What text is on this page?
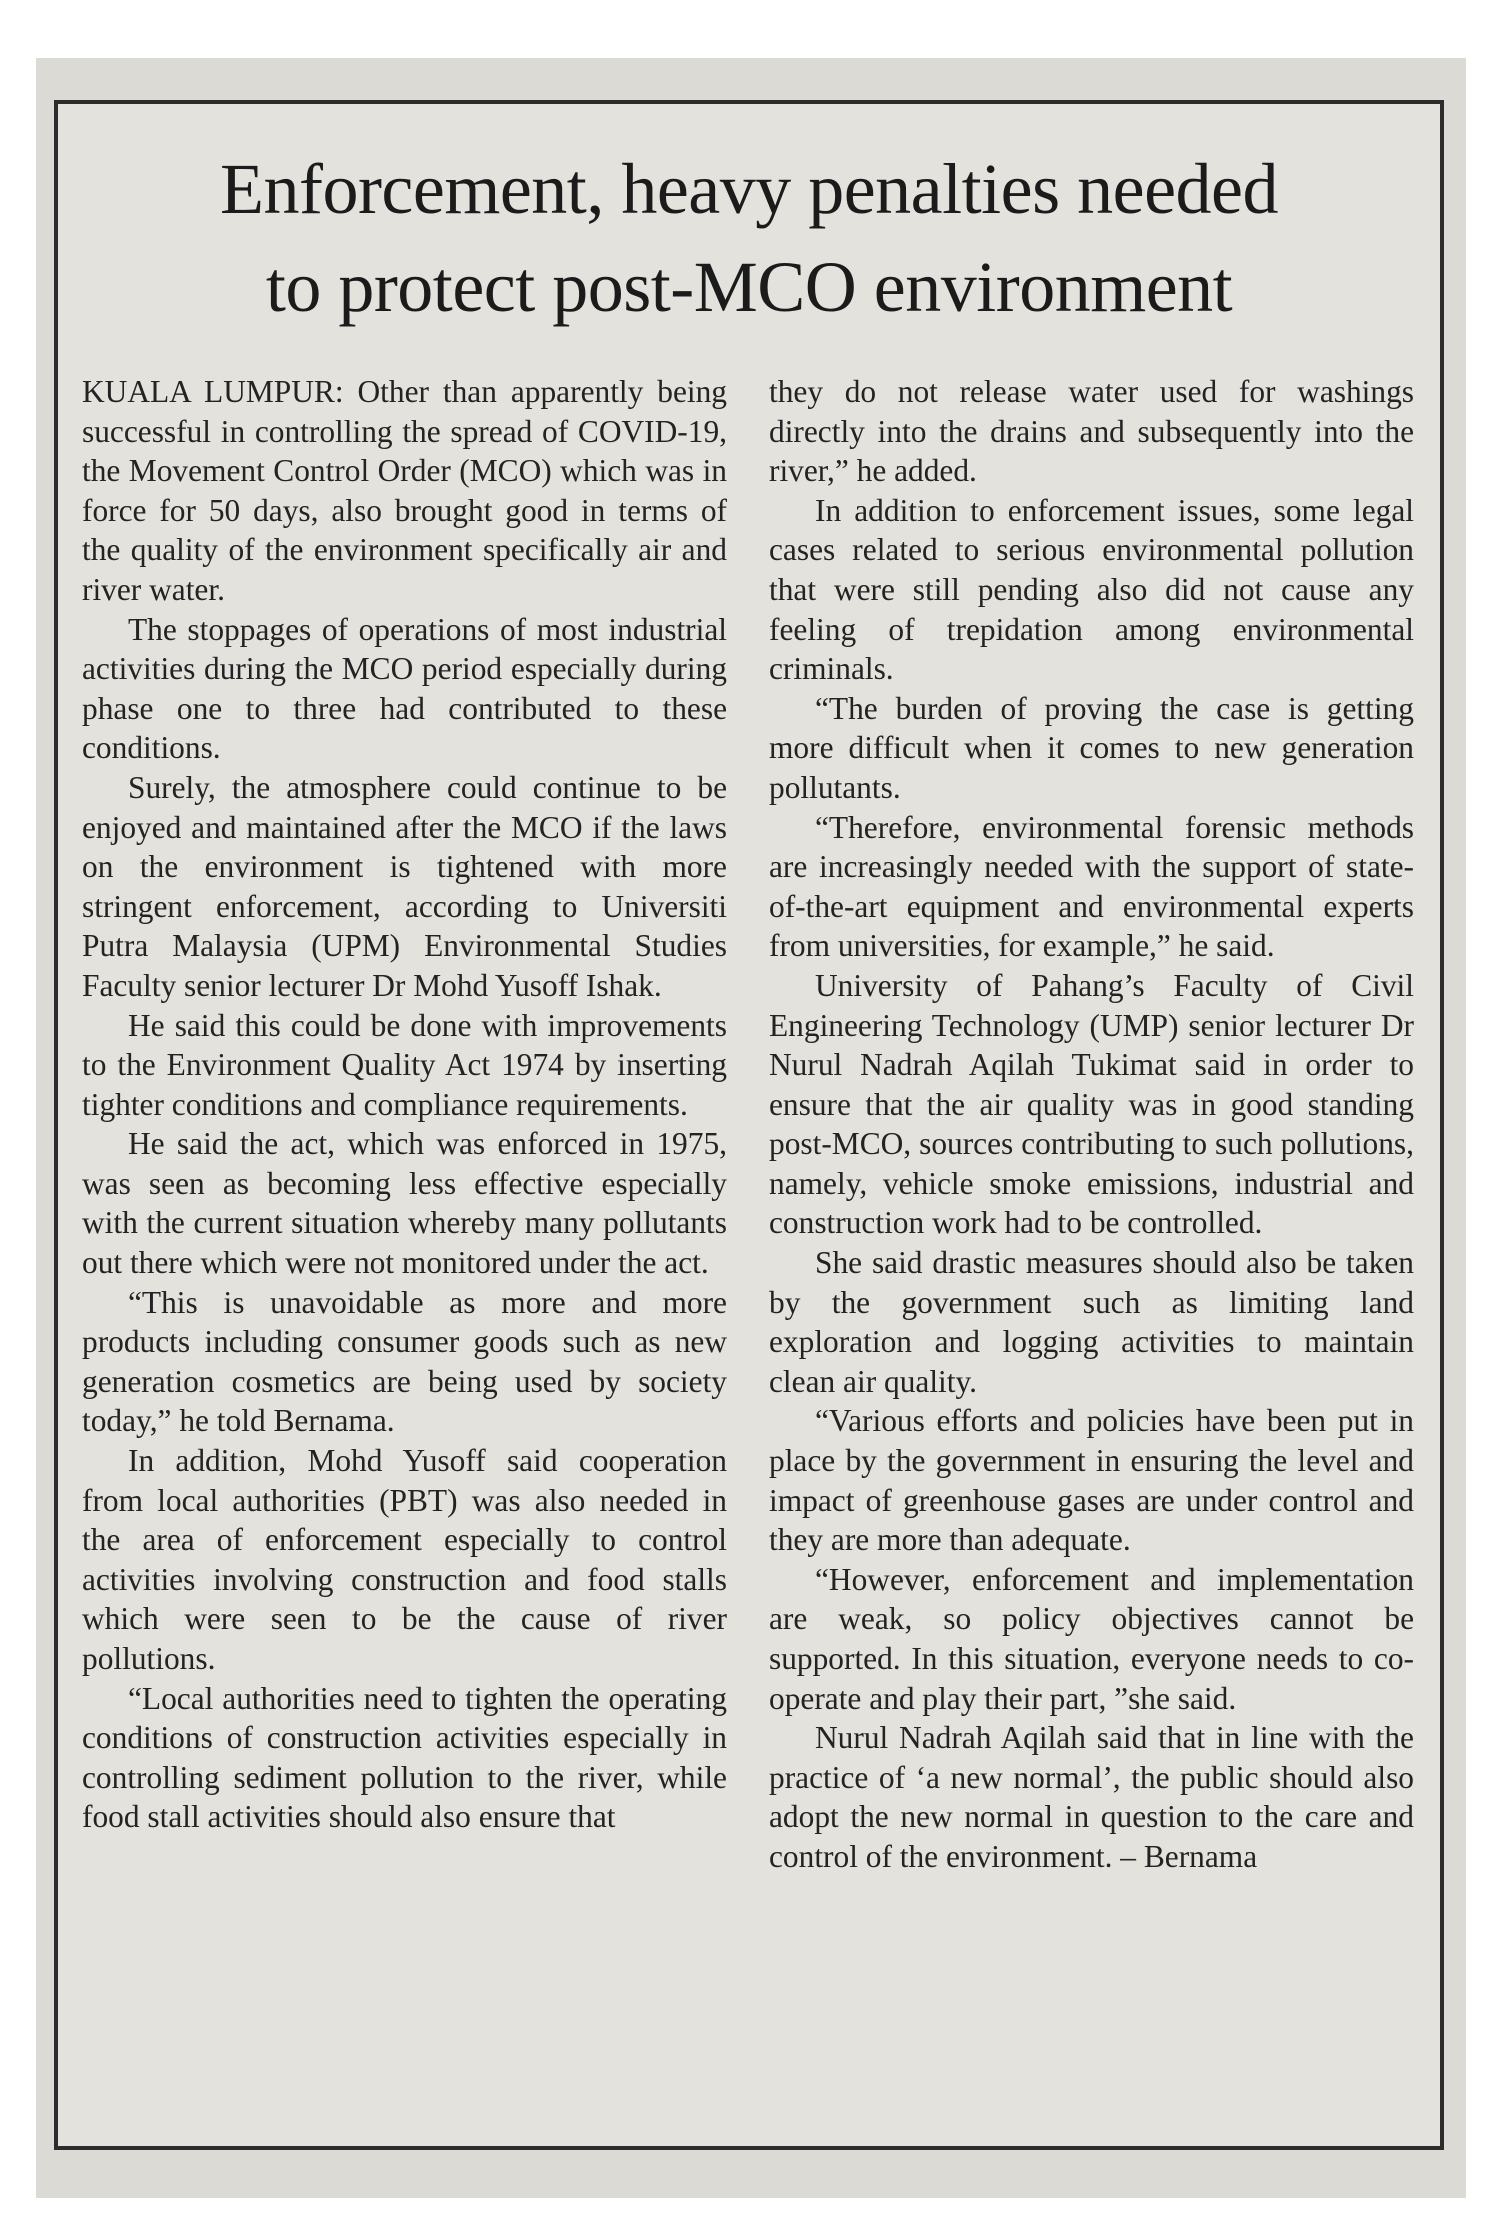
Enforcement, heavy penalties needed
to protect post-MCO environment

KUALA LUMPUR: Other than apparently being successful in controlling the spread of COVID-19, the Movement Control Order (MCO) which was in force for 50 days, also brought good in terms of the quality of the environment specifically air and river water.

The stoppages of operations of most industrial activities during the MCO period especially during phase one to three had contributed to these conditions.

Surely, the atmosphere could continue to be enjoyed and maintained after the MCO if the laws on the environment is tightened with more stringent enforcement, according to Universiti Putra Malaysia (UPM) Environmental Studies Faculty senior lecturer Dr Mohd Yusoff Ishak.

He said this could be done with improvements to the Environment Quality Act 1974 by inserting tighter conditions and compliance requirements.

He said the act, which was enforced in 1975, was seen as becoming less effective especially with the current situation whereby many pollutants out there which were not monitored under the act.

“This is unavoidable as more and more products including consumer goods such as new generation cosmetics are being used by society today,” he told Bernama.

In addition, Mohd Yusoff said cooperation from local authorities (PBT) was also needed in the area of enforcement especially to control activities involving construction and food stalls which were seen to be the cause of river pollutions.

“Local authorities need to tighten the operating conditions of construction activities especially in controlling sediment pollution to the river, while food stall activities should also ensure that

they do not release water used for washings directly into the drains and subsequently into the river,” he added.

In addition to enforcement issues, some legal cases related to serious environmental pollution that were still pending also did not cause any feeling of trepidation among environmental criminals.

“The burden of proving the case is getting more difficult when it comes to new generation pollutants.

“Therefore, environmental forensic methods are increasingly needed with the support of state-of-the-art equipment and environmental experts from universities, for example,” he said.

University of Pahang’s Faculty of Civil Engineering Technology (UMP) senior lecturer Dr Nurul Nadrah Aqilah Tukimat said in order to ensure that the air quality was in good standing post-MCO, sources contributing to such pollutions, namely, vehicle smoke emissions, industrial and construction work had to be controlled.

She said drastic measures should also be taken by the government such as limiting land exploration and logging activities to maintain clean air quality.

“Various efforts and policies have been put in place by the government in ensuring the level and impact of greenhouse gases are under control and they are more than adequate.

“However, enforcement and implementation are weak, so policy objectives cannot be supported. In this situation, everyone needs to co-operate and play their part, ”she said.

Nurul Nadrah Aqilah said that in line with the practice of ‘a new normal’, the public should also adopt the new normal in question to the care and control of the environment. – Bernama
